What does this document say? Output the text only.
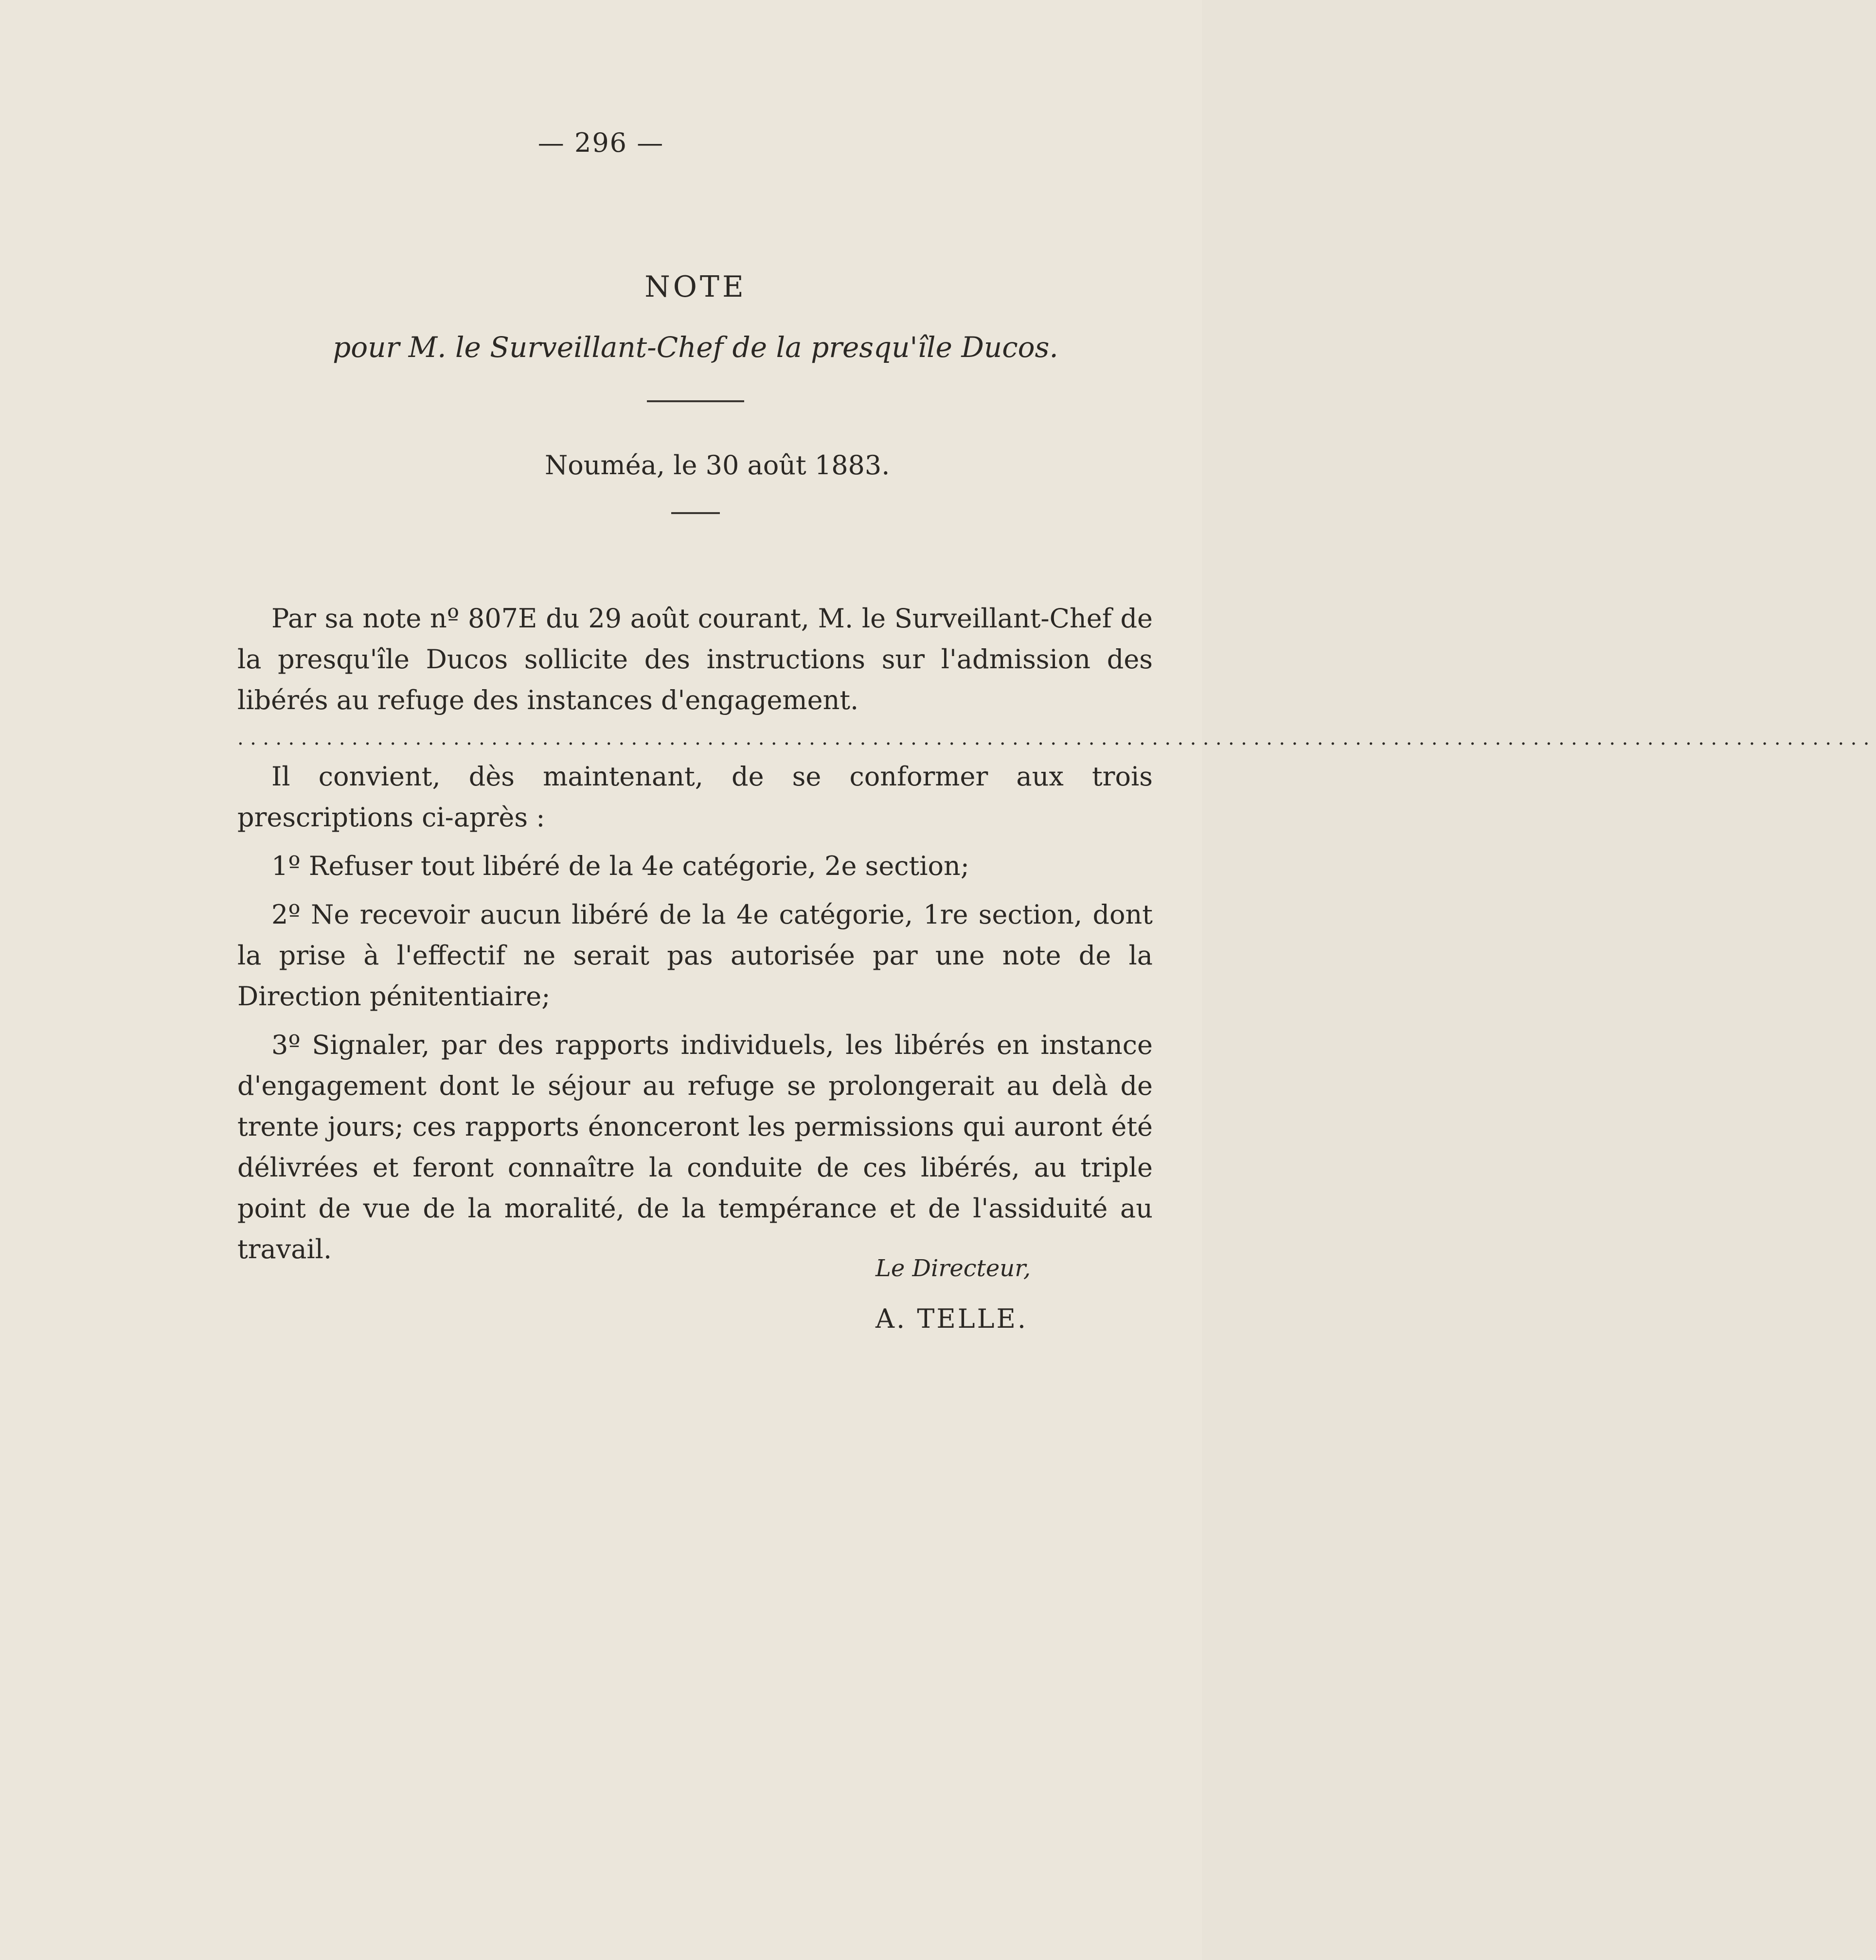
— 296 —
NOTE
pour M. le Surveillant-Chef de la presqu'île Ducos.
Nouméa, le 30 août 1883.

Par sa note nº 807E du 29 août courant, M. le Surveillant-Chef de la presqu'île Ducos sollicite des instructions sur l'admission des libérés au refuge des instances d'engagement.

.................................................................................................................................

Il convient, dès maintenant, de se conformer aux trois prescriptions ci-après :

1º Refuser tout libéré de la 4e catégorie, 2e section;

2º Ne recevoir aucun libéré de la 4e catégorie, 1re section, dont la prise à l'effectif ne serait pas autorisée par une note de la Direction pénitentiaire;

3º Signaler, par des rapports individuels, les libérés en instance d'engagement dont le séjour au refuge se prolongerait au delà de trente jours; ces rapports énonceront les permissions qui auront été délivrées et feront connaître la conduite de ces libérés, au triple point de vue de la moralité, de la tempérance et de l'assiduité au travail.

Le Directeur,
A. TELLE.
